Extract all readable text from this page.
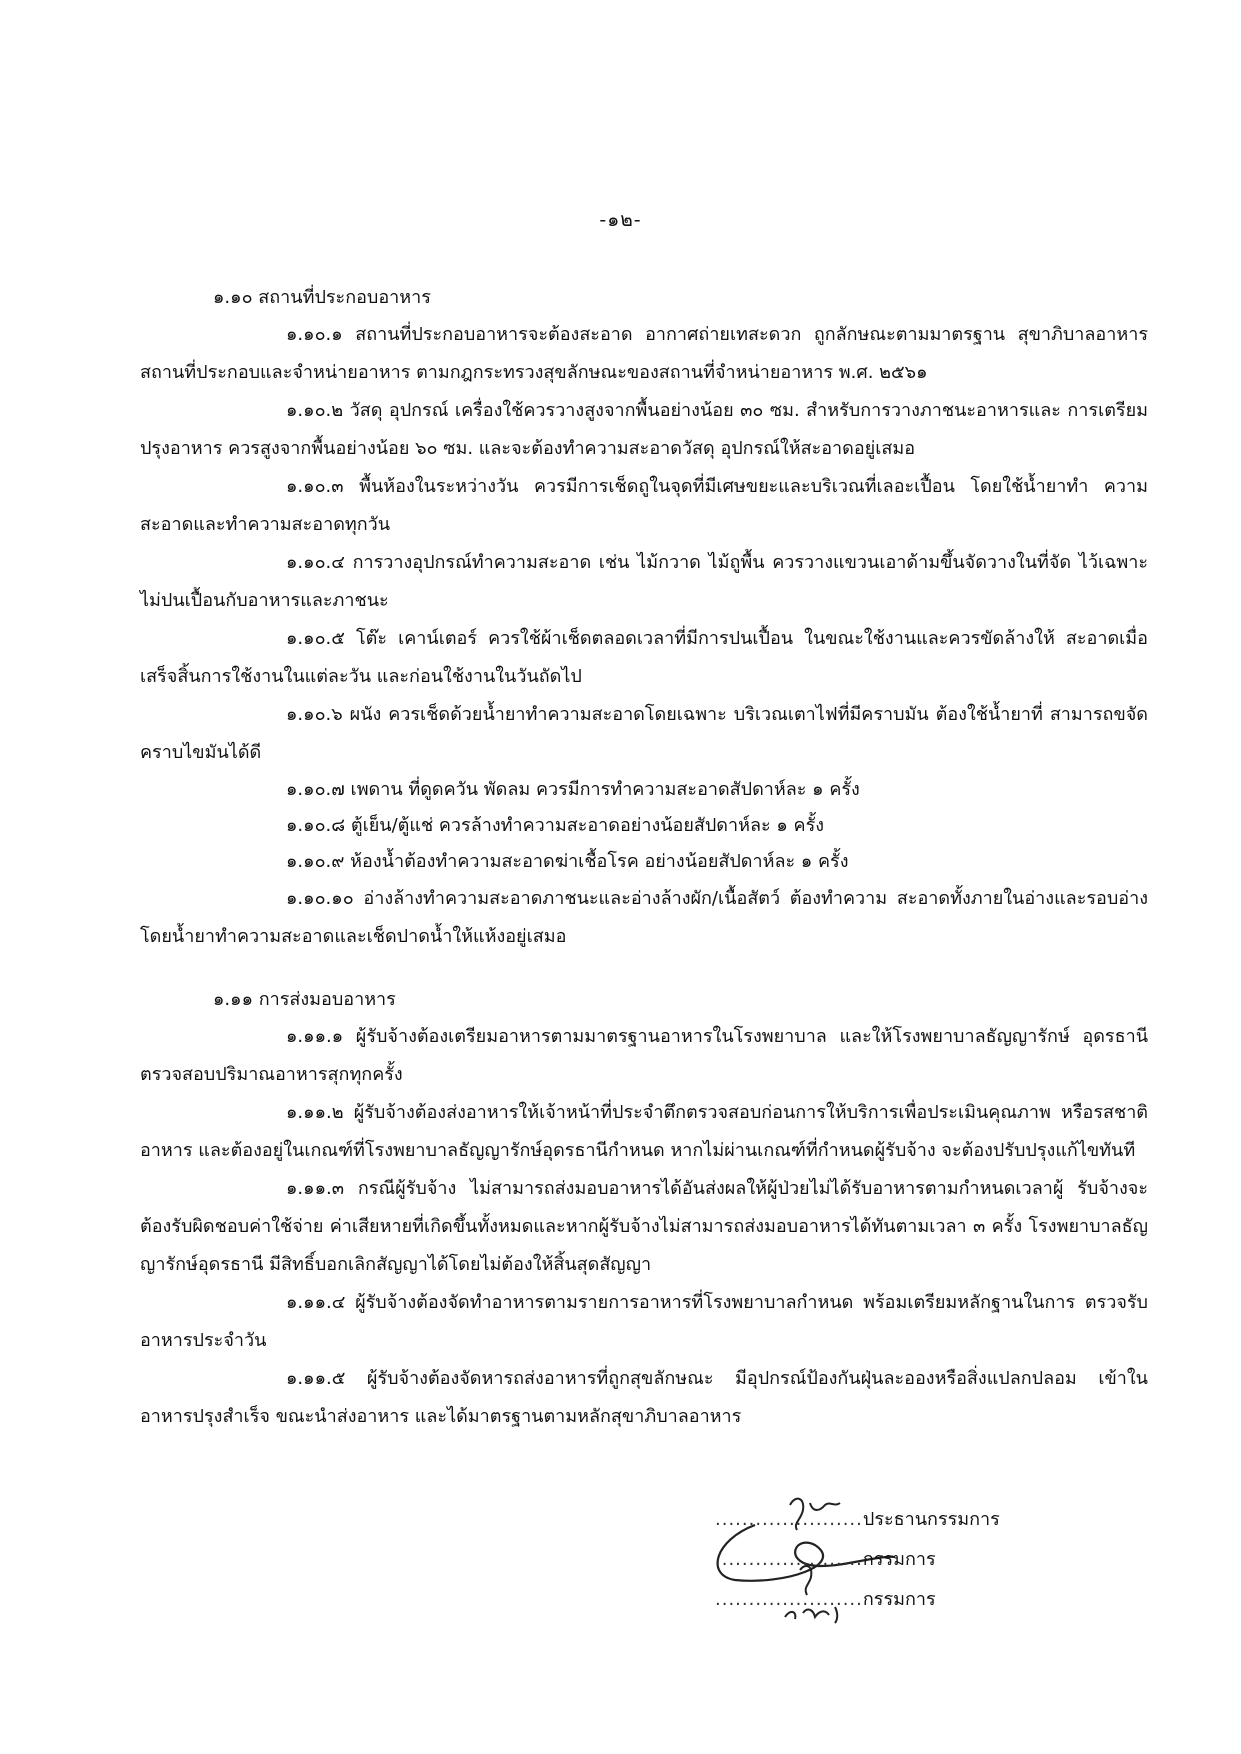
-๑๒-
๑.๑๐ สถานที่ประกอบอาหาร

๑.๑๐.๑ สถานที่ประกอบอาหารจะต้องสะอาด อากาศถ่ายเทสะดวก ถูกลักษณะตามมาตรฐาน สุขาภิบาลอาหาร สถานที่ประกอบและจำหน่ายอาหาร ตามกฎกระทรวงสุขลักษณะของสถานที่จำหน่ายอาหาร พ.ศ. ๒๕๖๑

๑.๑๐.๒ วัสดุ อุปกรณ์ เครื่องใช้ควรวางสูงจากพื้นอย่างน้อย ๓๐ ซม. สำหรับการวางภาชนะอาหารและ การเตรียมปรุงอาหาร ควรสูงจากพื้นอย่างน้อย ๖๐ ซม. และจะต้องทำความสะอาดวัสดุ อุปกรณ์ให้สะอาดอยู่เสมอ

๑.๑๐.๓ พื้นห้องในระหว่างวัน ควรมีการเช็ดถูในจุดที่มีเศษขยะและบริเวณที่เลอะเปื้อน โดยใช้น้ำยาทำ ความสะอาดและทำความสะอาดทุกวัน

๑.๑๐.๔ การวางอุปกรณ์ทำความสะอาด เช่น ไม้กวาด ไม้ถูพื้น ควรวางแขวนเอาด้ามขึ้นจัดวางในที่จัด ไว้เฉพาะ ไม่ปนเปื้อนกับอาหารและภาชนะ

๑.๑๐.๕ โต๊ะ เคาน์เตอร์ ควรใช้ผ้าเช็ดตลอดเวลาที่มีการปนเปื้อน ในขณะใช้งานและควรขัดล้างให้ สะอาดเมื่อเสร็จสิ้นการใช้งานในแต่ละวัน และก่อนใช้งานในวันถัดไป

๑.๑๐.๖ ผนัง ควรเช็ดด้วยน้ำยาทำความสะอาดโดยเฉพาะ บริเวณเตาไฟที่มีคราบมัน ต้องใช้น้ำยาที่ สามารถขจัดคราบไขมันได้ดี

๑.๑๐.๗ เพดาน ที่ดูดควัน พัดลม ควรมีการทำความสะอาดสัปดาห์ละ ๑ ครั้ง
๑.๑๐.๘ ตู้เย็น/ตู้แช่ ควรล้างทำความสะอาดอย่างน้อยสัปดาห์ละ ๑ ครั้ง
๑.๑๐.๙ ห้องน้ำต้องทำความสะอาดฆ่าเชื้อโรค อย่างน้อยสัปดาห์ละ ๑ ครั้ง

๑.๑๐.๑๐ อ่างล้างทำความสะอาดภาชนะและอ่างล้างผัก/เนื้อสัตว์ ต้องทำความ สะอาดทั้งภายในอ่างและรอบอ่าง โดยน้ำยาทำความสะอาดและเช็ดปาดน้ำให้แห้งอยู่เสมอ

๑.๑๑ การส่งมอบอาหาร

๑.๑๑.๑ ผู้รับจ้างต้องเตรียมอาหารตามมาตรฐานอาหารในโรงพยาบาล และให้โรงพยาบาลธัญญารักษ์ อุดรธานี ตรวจสอบปริมาณอาหารสุกทุกครั้ง

๑.๑๑.๒ ผู้รับจ้างต้องส่งอาหารให้เจ้าหน้าที่ประจำตึกตรวจสอบก่อนการให้บริการเพื่อประเมินคุณภาพ หรือรสชาติอาหาร และต้องอยู่ในเกณฑ์ที่โรงพยาบาลธัญญารักษ์อุดรธานีกำหนด หากไม่ผ่านเกณฑ์ที่กำหนดผู้รับจ้าง จะต้องปรับปรุงแก้ไขทันที

๑.๑๑.๓ กรณีผู้รับจ้าง ไม่สามารถส่งมอบอาหารได้อันส่งผลให้ผู้ป่วยไม่ได้รับอาหารตามกำหนดเวลาผู้ รับจ้างจะต้องรับผิดชอบค่าใช้จ่าย ค่าเสียหายที่เกิดขึ้นทั้งหมดและหากผู้รับจ้างไม่สามารถส่งมอบอาหารได้ทันตามเวลา ๓ ครั้ง โรงพยาบาลธัญญารักษ์อุดรธานี มีสิทธิ์บอกเลิกสัญญาได้โดยไม่ต้องให้สิ้นสุดสัญญา

๑.๑๑.๔ ผู้รับจ้างต้องจัดทำอาหารตามรายการอาหารที่โรงพยาบาลกำหนด พร้อมเตรียมหลักฐานในการ ตรวจรับอาหารประจำวัน

๑.๑๑.๕ ผู้รับจ้างต้องจัดหารถส่งอาหารที่ถูกสุขลักษณะ มีอุปกรณ์ป้องกันฝุ่นละอองหรือสิ่งแปลกปลอม เข้าในอาหารปรุงสำเร็จ ขณะนำส่งอาหาร และได้มาตรฐานตามหลักสุขาภิบาลอาหาร

......................ประธานกรรมการ
......................กรรมการ
......................กรรมการ
